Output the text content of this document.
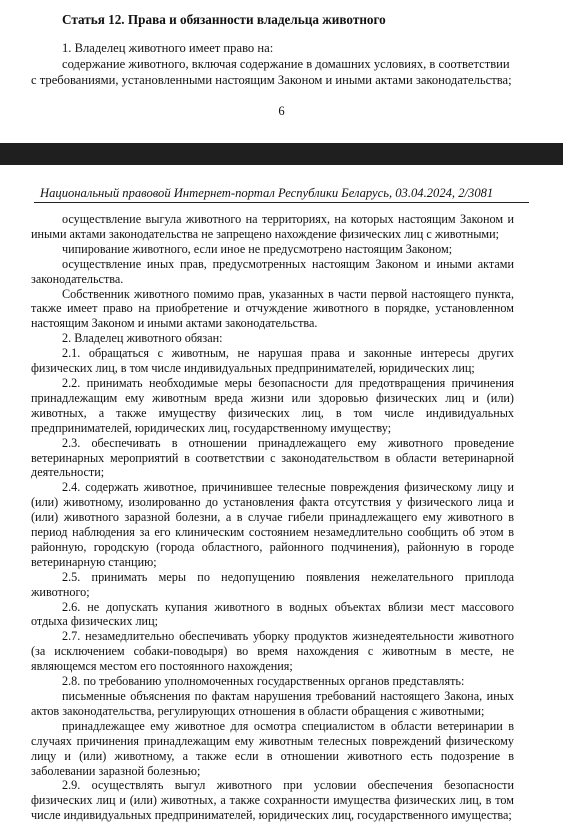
Статья 12. Права и обязанности владельца животного
1. Владелец животного имеет право на:
содержание животного, включая содержание в домашних условиях, в соответствии
с требованиями, установленными настоящим Законом и иными актами законодательства;
6
Национальный правовой Интернет-портал Республики Беларусь, 03.04.2024, 2/3081

осуществление выгула животного на территориях, на которых настоящим Законом и иными актами законодательства не запрещено нахождение физических лиц с животными;

чипирование животного, если иное не предусмотрено настоящим Законом;

осуществление иных прав, предусмотренных настоящим Законом и иными актами законодательства.

Собственник животного помимо прав, указанных в части первой настоящего пункта, также имеет право на приобретение и отчуждение животного в порядке, установленном настоящим Законом и иными актами законодательства.

2. Владелец животного обязан:

2.1. обращаться с животным, не нарушая права и законные интересы других физических лиц, в том числе индивидуальных предпринимателей, юридических лиц;

2.2. принимать необходимые меры безопасности для предотвращения причинения принадлежащим ему животным вреда жизни или здоровью физических лиц и (или) животных, а также имуществу физических лиц, в том числе индивидуальных предпринимателей, юридических лиц, государственному имуществу;

2.3. обеспечивать в отношении принадлежащего ему животного проведение ветеринарных мероприятий в соответствии с законодательством в области ветеринарной деятельности;

2.4. содержать животное, причинившее телесные повреждения физическому лицу и (или) животному, изолированно до установления факта отсутствия у физического лица и (или) животного заразной болезни, а в случае гибели принадлежащего ему животного в период наблюдения за его клиническим состоянием незамедлительно сообщить об этом в районную, городскую (города областного, районного подчинения), районную в городе ветеринарную станцию;

2.5. принимать меры по недопущению появления нежелательного приплода животного;

2.6. не допускать купания животного в водных объектах вблизи мест массового отдыха физических лиц;

2.7. незамедлительно обеспечивать уборку продуктов жизнедеятельности животного (за исключением собаки-поводыря) во время нахождения с животным в месте, не являющемся местом его постоянного нахождения;

2.8. по требованию уполномоченных государственных органов представлять:

письменные объяснения по фактам нарушения требований настоящего Закона, иных актов законодательства, регулирующих отношения в области обращения с животными;

принадлежащее ему животное для осмотра специалистом в области ветеринарии в случаях причинения принадлежащим ему животным телесных повреждений физическому лицу и (или) животному, а также если в отношении животного есть подозрение в заболевании заразной болезнью;

2.9. осуществлять выгул животного при условии обеспечения безопасности физических лиц и (или) животных, а также сохранности имущества физических лиц, в том числе индивидуальных предпринимателей, юридических лиц, государственного имущества;
